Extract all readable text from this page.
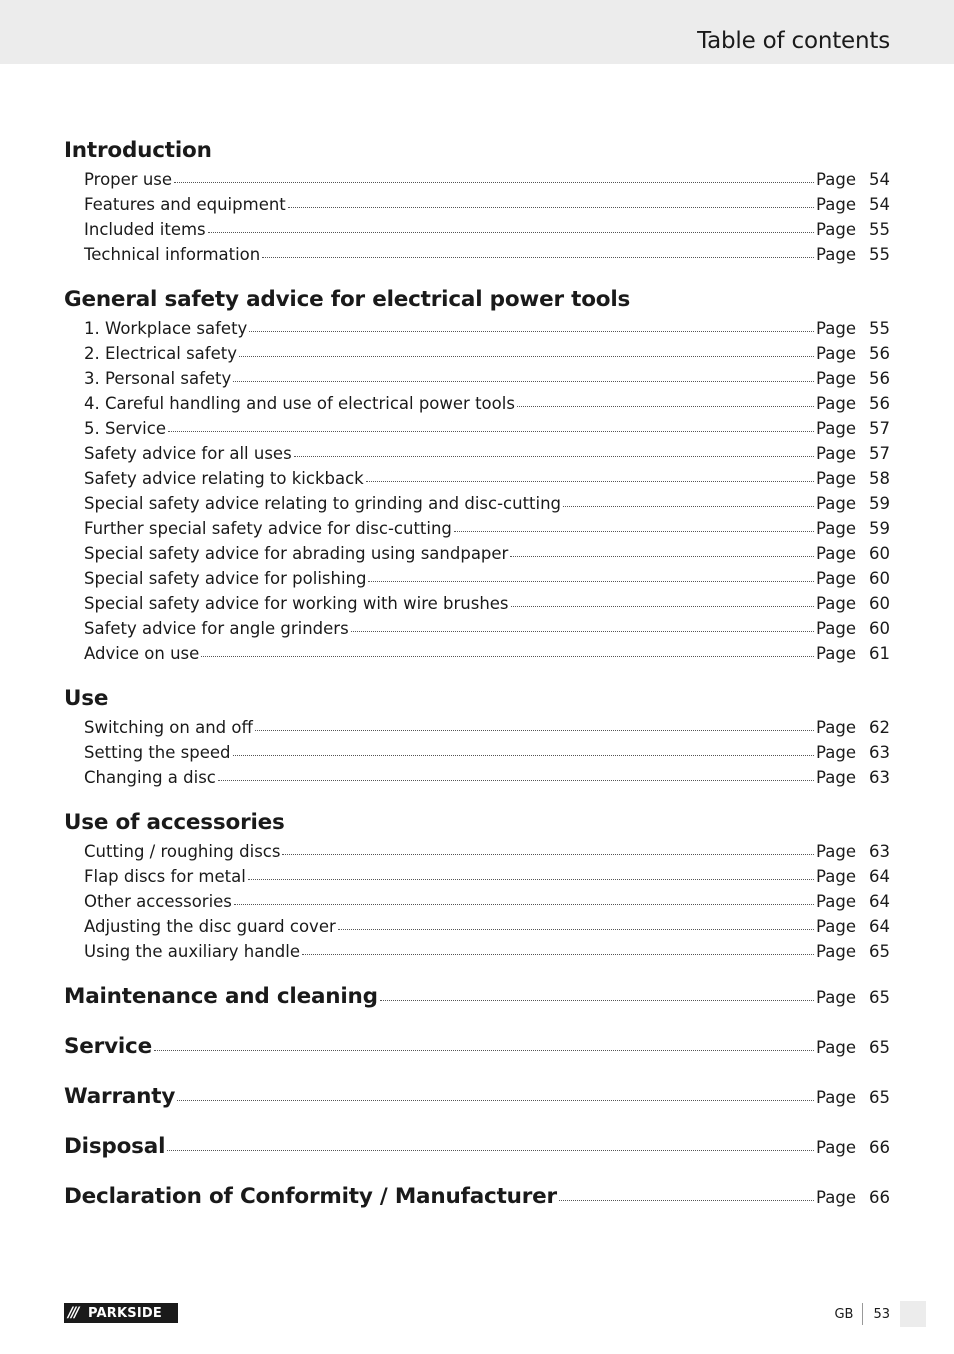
Table of contents
Introduction
Proper use	Page 54
Features and equipment	Page 54
Included items	Page 55
Technical information	Page 55
General safety advice for electrical power tools
1. Workplace safety	Page 55
2. Electrical safety	Page 56
3. Personal safety	Page 56
4. Careful handling and use of electrical power tools	Page 56
5. Service	Page 57
Safety advice for all uses	Page 57
Safety advice relating to kickback	Page 58
Special safety advice relating to grinding and disc-cutting	Page 59
Further special safety advice for disc-cutting	Page 59
Special safety advice for abrading using sandpaper	Page 60
Special safety advice for polishing	Page 60
Special safety advice for working with wire brushes	Page 60
Safety advice for angle grinders	Page 60
Advice on use	Page 61
Use
Switching on and off	Page 62
Setting the speed	Page 63
Changing a disc	Page 63
Use of accessories
Cutting / roughing discs	Page 63
Flap discs for metal	Page 64
Other accessories	Page 64
Adjusting the disc guard cover	Page 64
Using the auxiliary handle	Page 65
Maintenance and cleaning	Page 65
Service	Page 65
Warranty	Page 65
Disposal	Page 66
Declaration of Conformity / Manufacturer	Page 66
/// PARKSIDE	GB	53
